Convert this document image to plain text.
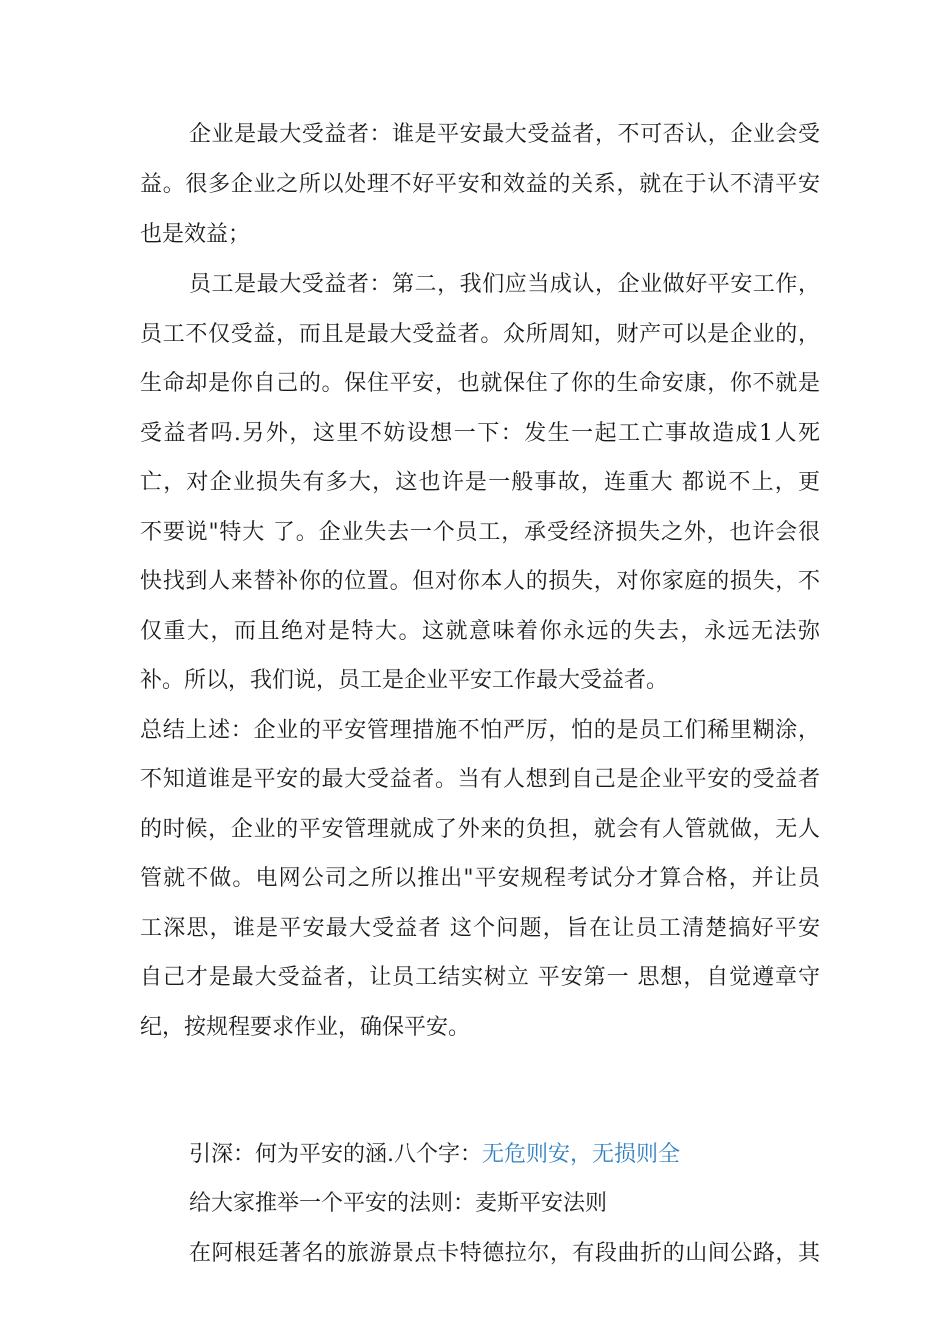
企业是最大受益者：谁是平安最大受益者，不可否认，企业会受
益。很多企业之所以处理不好平安和效益的关系，就在于认不清平安
也是效益；
员工是最大受益者：第二，我们应当成认，企业做好平安工作，
员工不仅受益，而且是最大受益者。众所周知，财产可以是企业的，
生命却是你自己的。保住平安，也就保住了你的生命安康，你不就是
受益者吗.另外，这里不妨设想一下：发生一起工亡事故造成1人死
亡，对企业损失有多大，这也许是一般事故，连重大 都说不上，更
不要说"特大 了。企业失去一个员工，承受经济损失之外，也许会很
快找到人来替补你的位置。但对你本人的损失，对你家庭的损失，不
仅重大，而且绝对是特大。这就意味着你永远的失去，永远无法弥
补。所以，我们说，员工是企业平安工作最大受益者。
总结上述：企业的平安管理措施不怕严厉，怕的是员工们稀里糊涂，
不知道谁是平安的最大受益者。当有人想到自己是企业平安的受益者
的时候，企业的平安管理就成了外来的负担，就会有人管就做，无人
管就不做。电网公司之所以推出"平安规程考试分才算合格，并让员
工深思，谁是平安最大受益者 这个问题，旨在让员工清楚搞好平安
自己才是最大受益者，让员工结实树立 平安第一 思想，自觉遵章守
纪，按规程要求作业，确保平安。
引深：何为平安的涵.八个字：无危则安，无损则全
给大家推举一个平安的法则：麦斯平安法则
在阿根廷著名的旅游景点卡特德拉尔，有段曲折的山间公路，其
